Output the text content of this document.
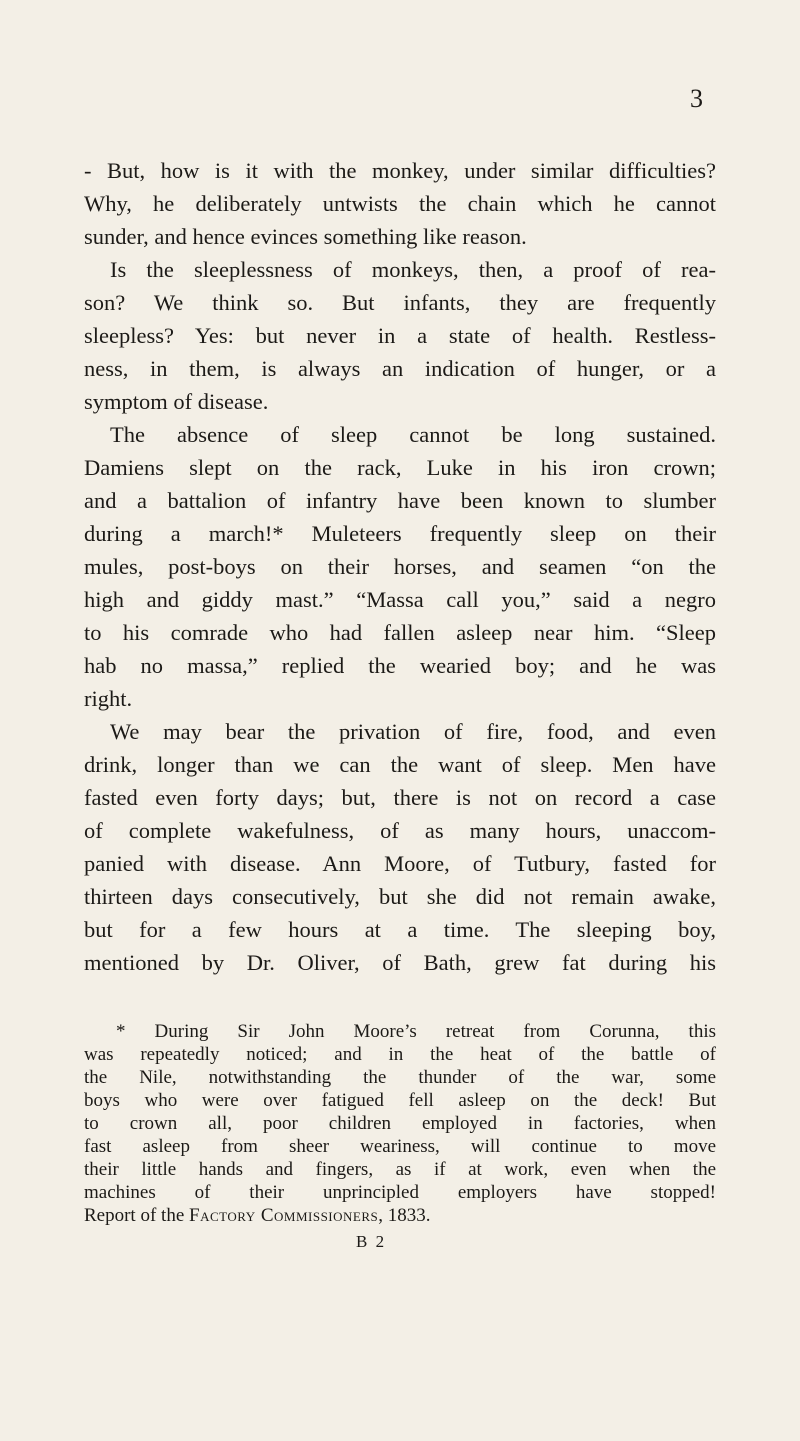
3
- But, how is it with the monkey, under similar difficulties?
Why, he deliberately untwists the chain which he cannot
sunder, and hence evinces something like reason.
Is the sleeplessness of monkeys, then, a proof of rea-
son? We think so. But infants, they are frequently
sleepless? Yes: but never in a state of health. Restless-
ness, in them, is always an indication of hunger, or a
symptom of disease.
The absence of sleep cannot be long sustained.
Damiens slept on the rack, Luke in his iron crown;
and a battalion of infantry have been known to slumber
during a march!* Muleteers frequently sleep on their
mules, post-boys on their horses, and seamen “on the
high and giddy mast.” “Massa call you,” said a negro
to his comrade who had fallen asleep near him. “Sleep
hab no massa,” replied the wearied boy; and he was
right.
We may bear the privation of fire, food, and even
drink, longer than we can the want of sleep. Men have
fasted even forty days; but, there is not on record a case
of complete wakefulness, of as many hours, unaccom-
panied with disease. Ann Moore, of Tutbury, fasted for
thirteen days consecutively, but she did not remain awake,
but for a few hours at a time. The sleeping boy,
mentioned by Dr. Oliver, of Bath, grew fat during his
* During Sir John Moore’s retreat from Corunna, this
was repeatedly noticed; and in the heat of the battle of
the Nile, notwithstanding the thunder of the war, some
boys who were over fatigued fell asleep on the deck! But
to crown all, poor children employed in factories, when
fast asleep from sheer weariness, will continue to move
their little hands and fingers, as if at work, even when the
machines of their unprincipled employers have stopped!
Report of the Factory Commissioners, 1833.
B 2
